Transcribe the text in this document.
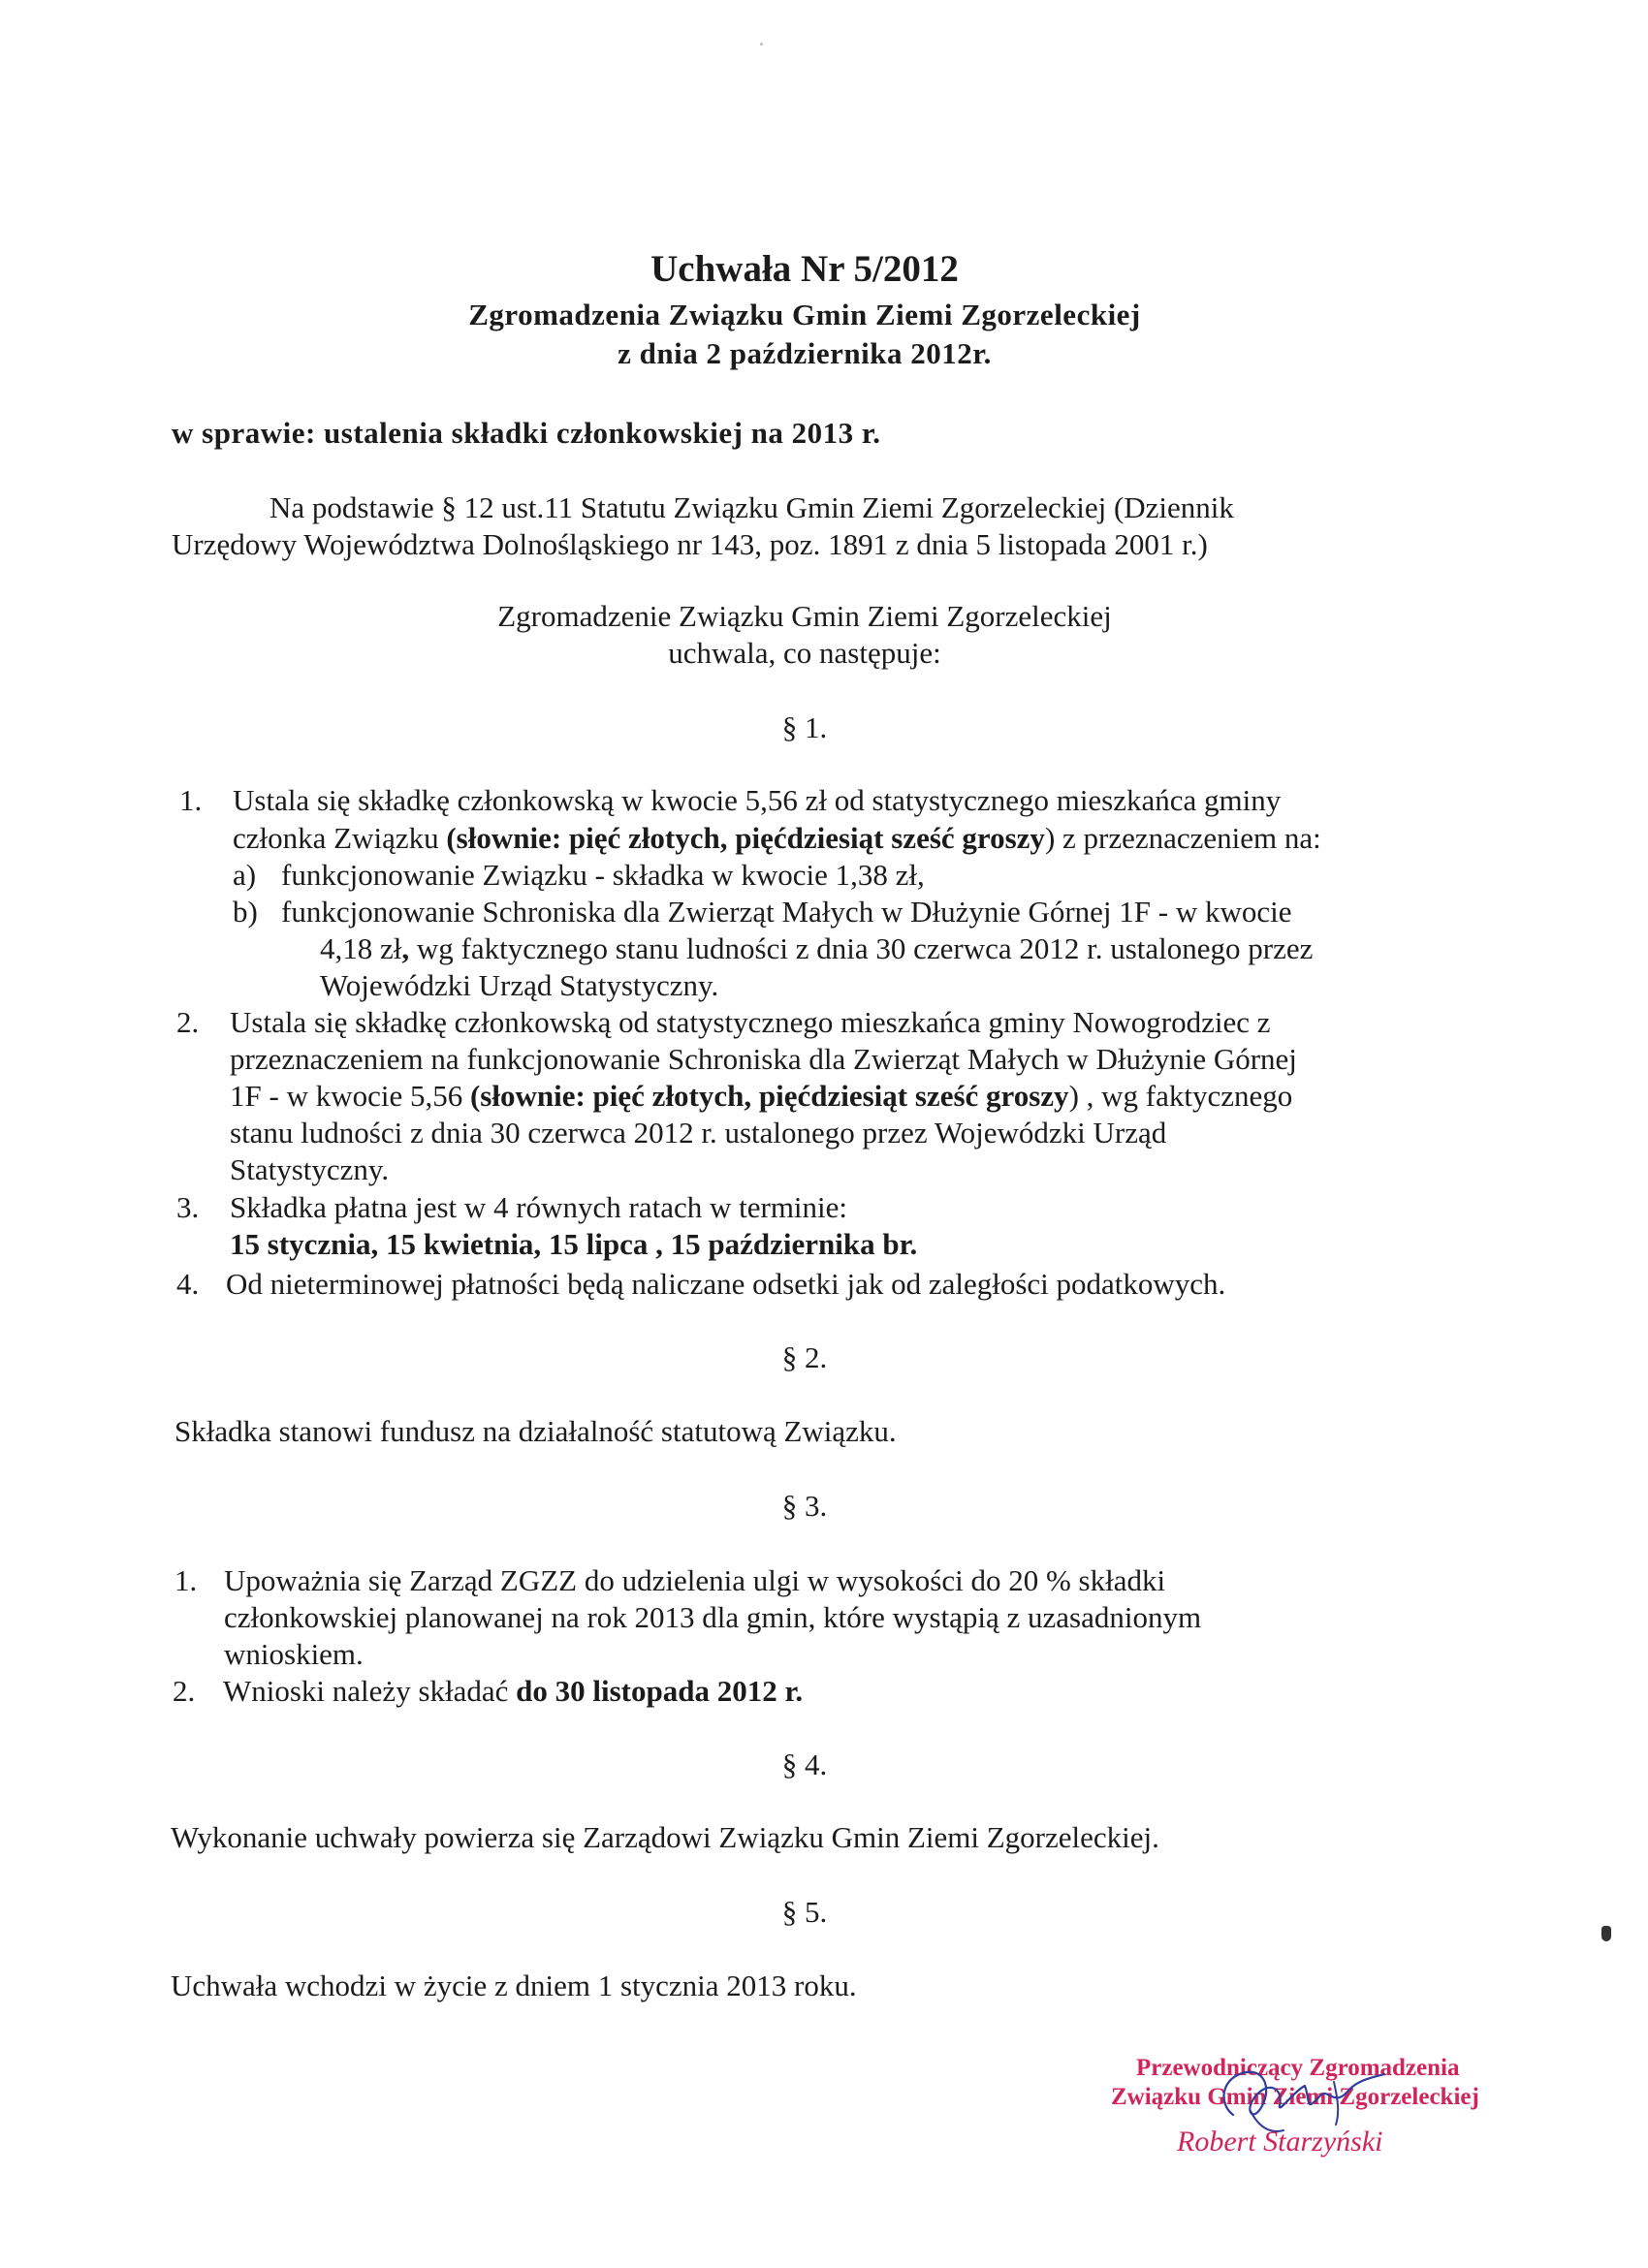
Uchwała Nr 5/2012
Zgromadzenia Związku Gmin Ziemi Zgorzeleckiej
z dnia 2 października 2012r.
w sprawie: ustalenia składki członkowskiej na 2013 r.
Na podstawie § 12 ust.11 Statutu Związku Gmin Ziemi Zgorzeleckiej (Dziennik
Urzędowy Województwa Dolnośląskiego nr 143, poz. 1891 z dnia 5 listopada 2001 r.)
Zgromadzenie Związku Gmin Ziemi Zgorzeleckiej
uchwala, co następuje:
§ 1.
1. Ustala się składkę członkowską w kwocie 5,56 zł od statystycznego mieszkańca gminy
członka Związku (słownie: pięć złotych, pięćdziesiąt sześć groszy) z przeznaczeniem na:
a) funkcjonowanie Związku - składka w kwocie 1,38 zł,
b) funkcjonowanie Schroniska dla Zwierząt Małych w Dłużynie Górnej 1F - w kwocie
4,18 zł, wg faktycznego stanu ludności z dnia 30 czerwca 2012 r. ustalonego przez
Wojewódzki Urząd Statystyczny.
2. Ustala się składkę członkowską od statystycznego mieszkańca gminy Nowogrodziec z
przeznaczeniem na funkcjonowanie Schroniska dla Zwierząt Małych w Dłużynie Górnej
1F - w kwocie 5,56 (słownie: pięć złotych, pięćdziesiąt sześć groszy) , wg faktycznego
stanu ludności z dnia 30 czerwca 2012 r. ustalonego przez Wojewódzki Urząd
Statystyczny.
3. Składka płatna jest w 4 równych ratach w terminie:
15 stycznia, 15 kwietnia, 15 lipca , 15 października br.
4. Od nieterminowej płatności będą naliczane odsetki jak od zaległości podatkowych.
§ 2.
Składka stanowi fundusz na działalność statutową Związku.
§ 3.
1. Upoważnia się Zarząd ZGZZ do udzielenia ulgi w wysokości do 20 % składki
członkowskiej planowanej na rok 2013 dla gmin, które wystąpią z uzasadnionym
wnioskiem.
2. Wnioski należy składać do 30 listopada 2012 r.
§ 4.
Wykonanie uchwały powierza się Zarządowi Związku Gmin Ziemi Zgorzeleckiej.
§ 5.
Uchwała wchodzi w życie z dniem 1 stycznia 2013 roku.
Przewodniczący Zgromadzenia
Związku Gmin Ziemi Zgorzeleckiej
Robert Starzyński
